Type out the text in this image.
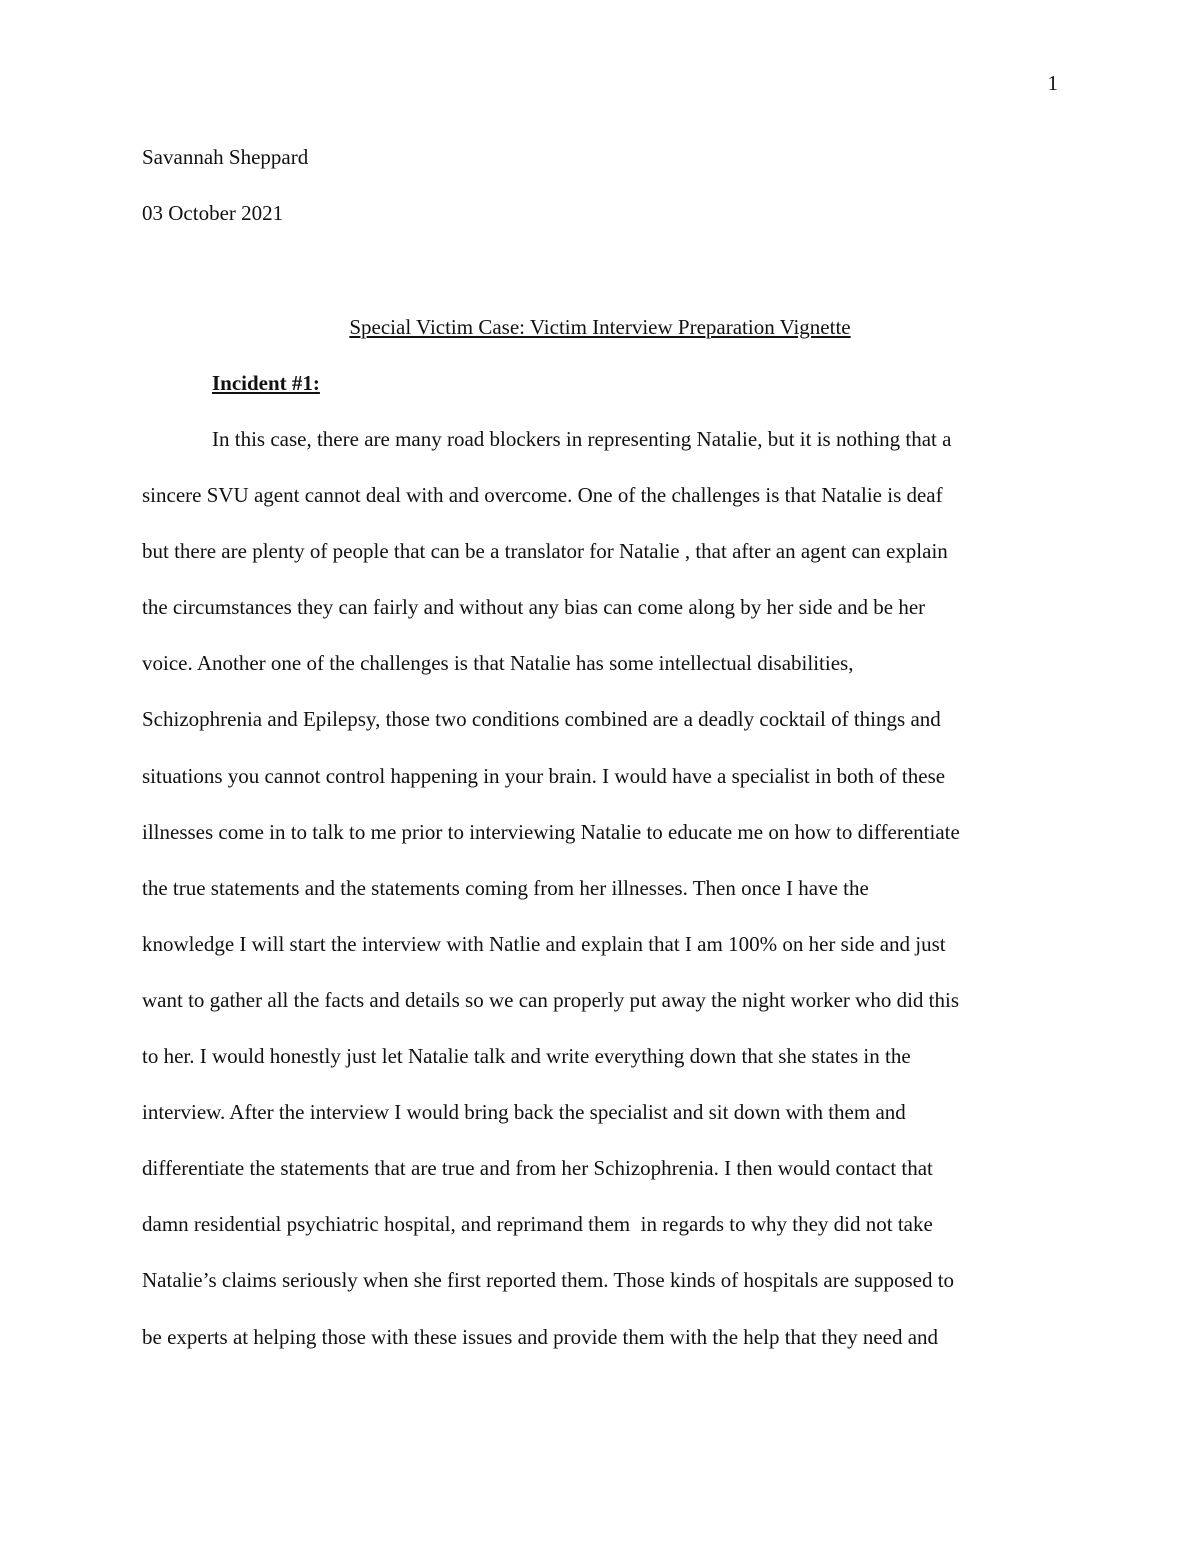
1
Savannah Sheppard
03 October 2021
Special Victim Case: Victim Interview Preparation Vignette
Incident #1:
In this case, there are many road blockers in representing Natalie, but it is nothing that a
sincere SVU agent cannot deal with and overcome. One of the challenges is that Natalie is deaf
but there are plenty of people that can be a translator for Natalie , that after an agent can explain
the circumstances they can fairly and without any bias can come along by her side and be her
voice. Another one of the challenges is that Natalie has some intellectual disabilities,
Schizophrenia and Epilepsy, those two conditions combined are a deadly cocktail of things and
situations you cannot control happening in your brain. I would have a specialist in both of these
illnesses come in to talk to me prior to interviewing Natalie to educate me on how to differentiate
the true statements and the statements coming from her illnesses. Then once I have the
knowledge I will start the interview with Natlie and explain that I am 100% on her side and just
want to gather all the facts and details so we can properly put away the night worker who did this
to her. I would honestly just let Natalie talk and write everything down that she states in the
interview. After the interview I would bring back the specialist and sit down with them and
differentiate the statements that are true and from her Schizophrenia. I then would contact that
damn residential psychiatric hospital, and reprimand them  in regards to why they did not take
Natalie’s claims seriously when she first reported them. Those kinds of hospitals are supposed to
be experts at helping those with these issues and provide them with the help that they need and
